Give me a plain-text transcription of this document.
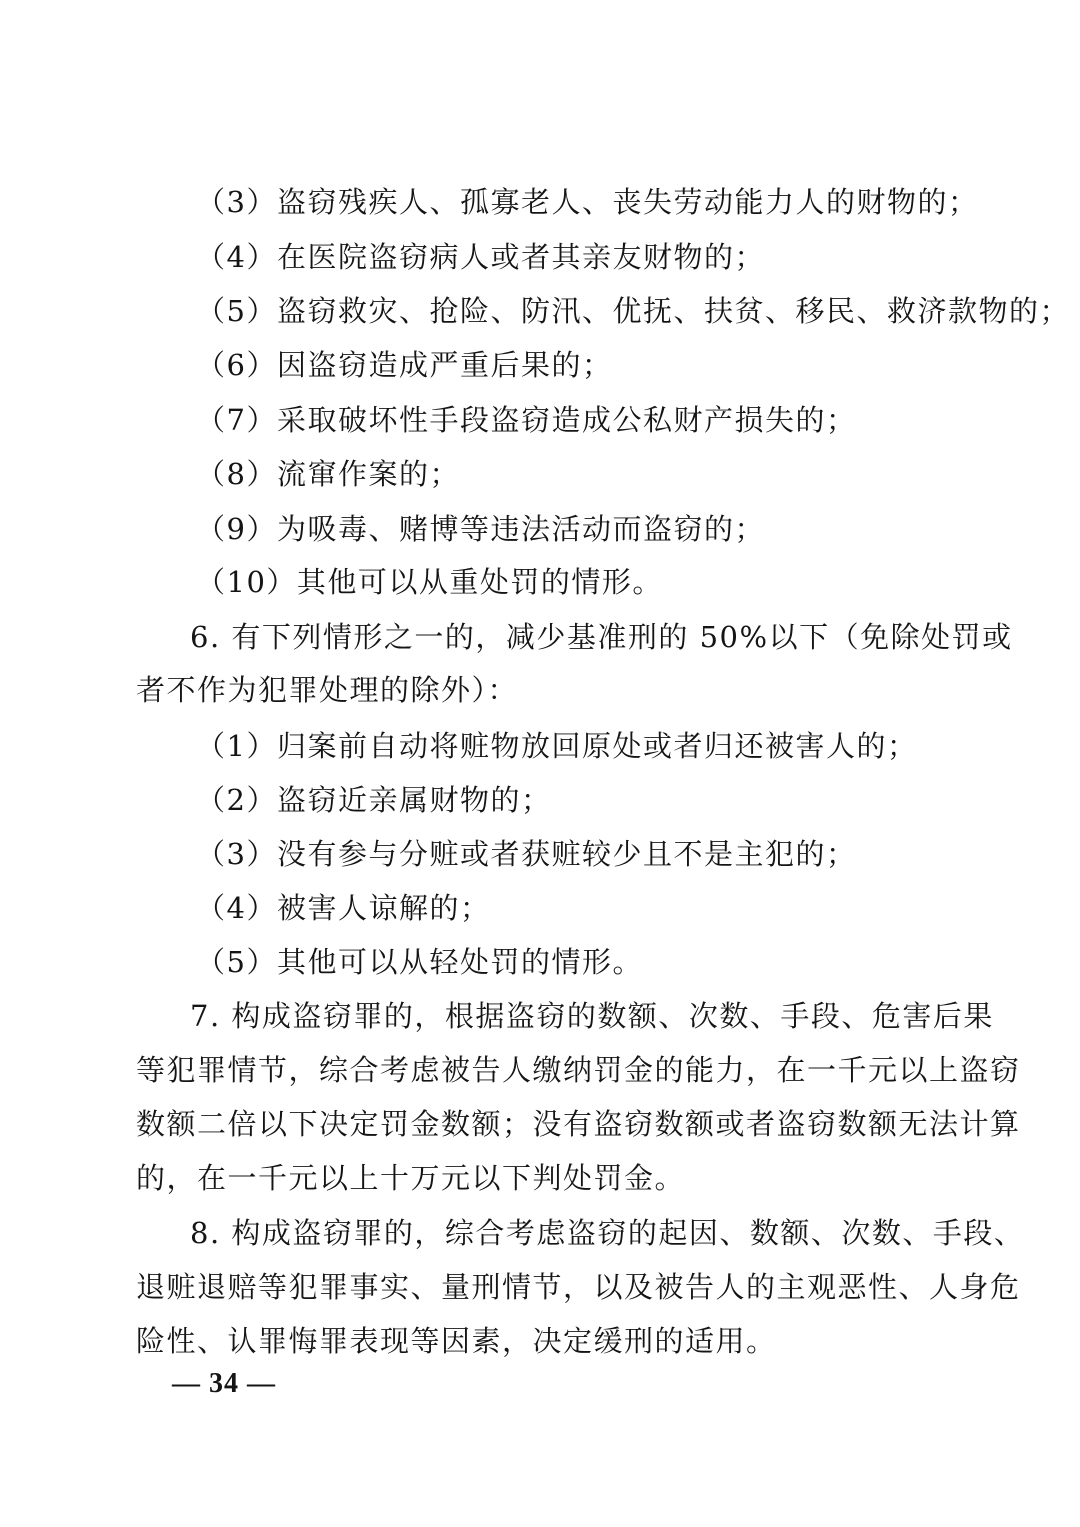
（3）盗窃残疾人、孤寡老人、丧失劳动能力人的财物的；
（4）在医院盗窃病人或者其亲友财物的；
（5）盗窃救灾、抢险、防汛、优抚、扶贫、移民、救济款物的；
（6）因盗窃造成严重后果的；
（7）采取破坏性手段盗窃造成公私财产损失的；
（8）流窜作案的；
（9）为吸毒、赌博等违法活动而盗窃的；
（10）其他可以从重处罚的情形。
6. 有下列情形之一的，减少基准刑的 50%以下（免除处罚或
者不作为犯罪处理的除外）：
（1）归案前自动将赃物放回原处或者归还被害人的；
（2）盗窃近亲属财物的；
（3）没有参与分赃或者获赃较少且不是主犯的；
（4）被害人谅解的；
（5）其他可以从轻处罚的情形。
7. 构成盗窃罪的，根据盗窃的数额、次数、手段、危害后果
等犯罪情节，综合考虑被告人缴纳罚金的能力，在一千元以上盗窃
数额二倍以下决定罚金数额；没有盗窃数额或者盗窃数额无法计算
的，在一千元以上十万元以下判处罚金。
8. 构成盗窃罪的，综合考虑盗窃的起因、数额、次数、手段、
退赃退赔等犯罪事实、量刑情节，以及被告人的主观恶性、人身危
险性、认罪悔罪表现等因素，决定缓刑的适用。
— 34 —
